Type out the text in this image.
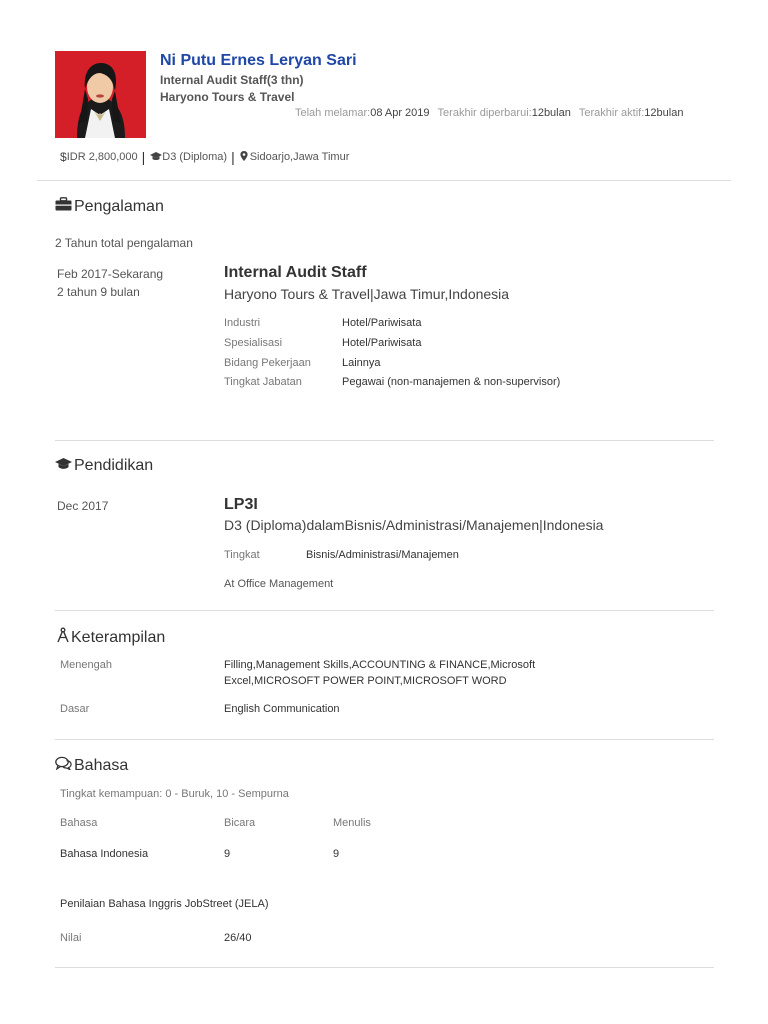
Ni Putu Ernes Leryan Sari
Internal Audit Staff(3 thn)
Haryono Tours & Travel
Telah melamar:08 Apr 2019 Terakhir diperbarui:12bulan Terakhir aktif:12bulan
$ IDR 2,800,000 | D3 (Diploma) | Sidoarjo,Jawa Timur
Pengalaman
2 Tahun total pengalaman
Feb 2017-Sekarang
2 tahun 9 bulan
Internal Audit Staff
Haryono Tours & Travel|Jawa Timur,Indonesia
Industri	Hotel/Pariwisata
Spesialisasi	Hotel/Pariwisata
Bidang Pekerjaan	Lainnya
Tingkat Jabatan	Pegawai (non-manajemen & non-supervisor)
Pendidikan
Dec 2017	LP3I
D3 (Diploma)dalamBisnis/Administrasi/Manajemen|Indonesia
Tingkat	Bisnis/Administrasi/Manajemen
At Office Management
Keterampilan
Menengah	Filling,Management Skills,ACCOUNTING & FINANCE,Microsoft
Excel,MICROSOFT POWER POINT,MICROSOFT WORD
Dasar	English Communication
Bahasa
Tingkat kemampuan: 0 - Buruk, 10 - Sempurna
Bahasa	Bicara	Menulis
Bahasa Indonesia	9	9
Penilaian Bahasa Inggris JobStreet (JELA)
Nilai	26/40
